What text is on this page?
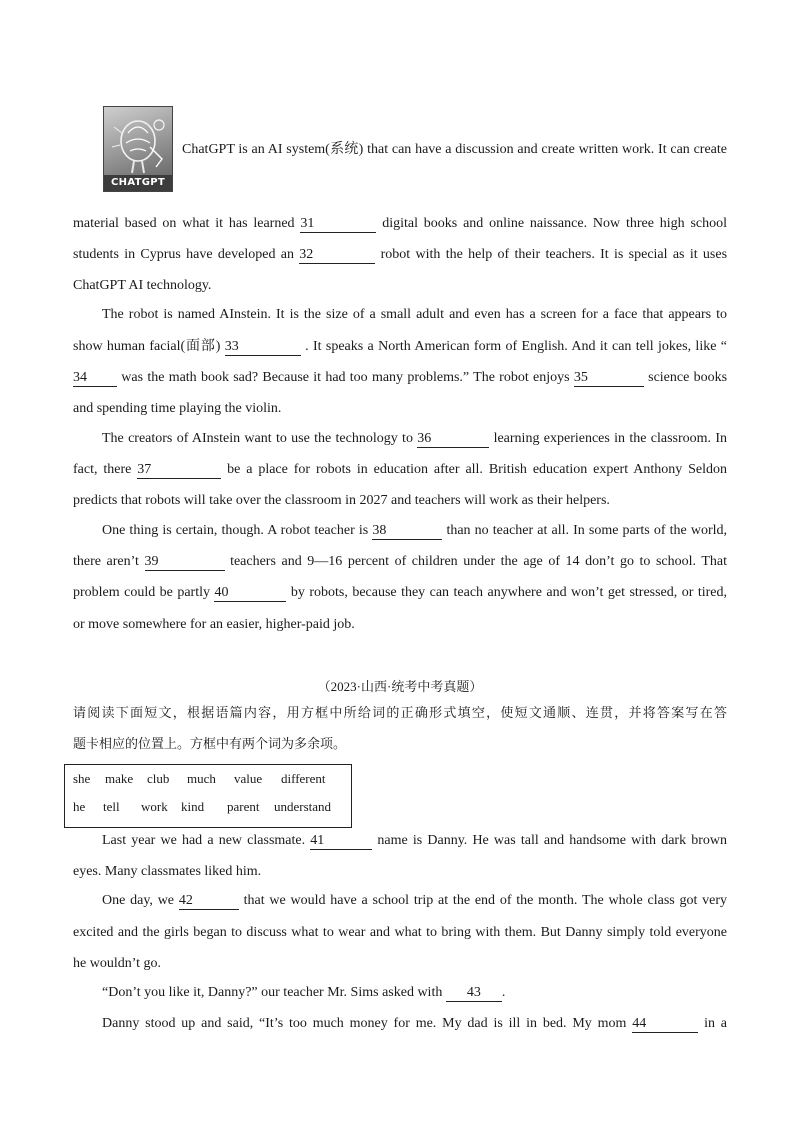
CHATGPT
ChatGPT is an AI system(系统) that can have a discussion and create written work. It can create
material based on what it has learned 31	digital books and online naissance. Now three high school
students in Cyprus have developed an 32	robot with the help of their teachers. It is special as it uses
ChatGPT AI technology.
The robot is named AInstein. It is the size of a small adult and even has a screen for a face that appears to
show human facial(面部) 33	. It speaks a North American form of English. And it can tell jokes, like “
34 was the math book sad? Because it had too many problems.” The robot enjoys 35	science books
and spending time playing the violin.
The creators of AInstein want to use the technology to 36	learning experiences in the classroom. In
fact, there 37	be a place for robots in education after all. British education expert Anthony Seldon
predicts that robots will take over the classroom in 2027 and teachers will work as their helpers.
One thing is certain, though. A robot teacher is 38	than no teacher at all. In some parts of the world,
there aren’t 39	teachers and 9—16 percent of children under the age of 14 don’t go to school. That
problem could be partly 40	by robots, because they can teach anywhere and won’t get stressed, or tired,
or move somewhere for an easier, higher-paid job.
（2023·山西·统考中考真题）
请阅读下面短文，根据语篇内容，用方框中所给词的正确形式填空，使短文通顺、连贯，并将答案写在答
题卡相应的位置上。方框中有两个词为多余项。
she make club much value different
he tell work kind parent understand
Last year we had a new classmate. 41	name is Danny. He was tall and handsome with dark brown
eyes. Many classmates liked him.
One day, we 42	that we would have a school trip at the end of the month. The whole class got very
excited and the girls began to discuss what to wear and what to bring with them. But Danny simply told everyone
he wouldn’t go.
“Don’t you like it, Danny?” our teacher Mr. Sims asked with 43 .
Danny stood up and said, “It’s too much money for me. My dad is ill in bed. My mom 44	in a
